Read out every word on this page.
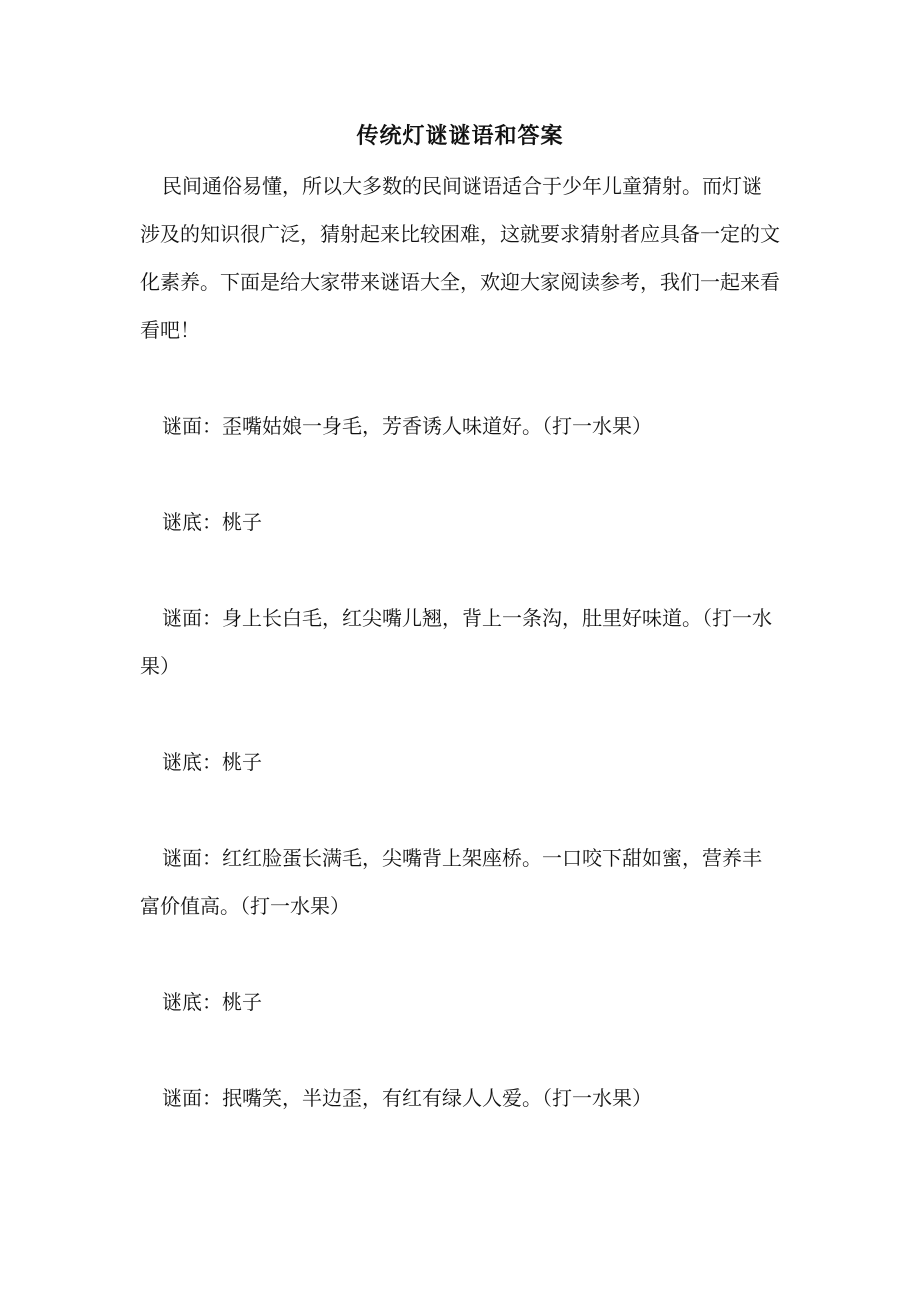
传统灯谜谜语和答案

民间通俗易懂，所以大多数的民间谜语适合于少年儿童猜射。而灯谜涉及的知识很广泛，猜射起来比较困难，这就要求猜射者应具备一定的文化素养。下面是给大家带来谜语大全，欢迎大家阅读参考，我们一起来看看吧！

谜面：歪嘴姑娘一身毛，芳香诱人味道好。（打一水果）

谜底：桃子

谜面：身上长白毛，红尖嘴儿翘，背上一条沟，肚里好味道。（打一水果）

谜底：桃子

谜面：红红脸蛋长满毛，尖嘴背上架座桥。一口咬下甜如蜜，营养丰富价值高。（打一水果）

谜底：桃子

谜面：抿嘴笑，半边歪，有红有绿人人爱。（打一水果）
